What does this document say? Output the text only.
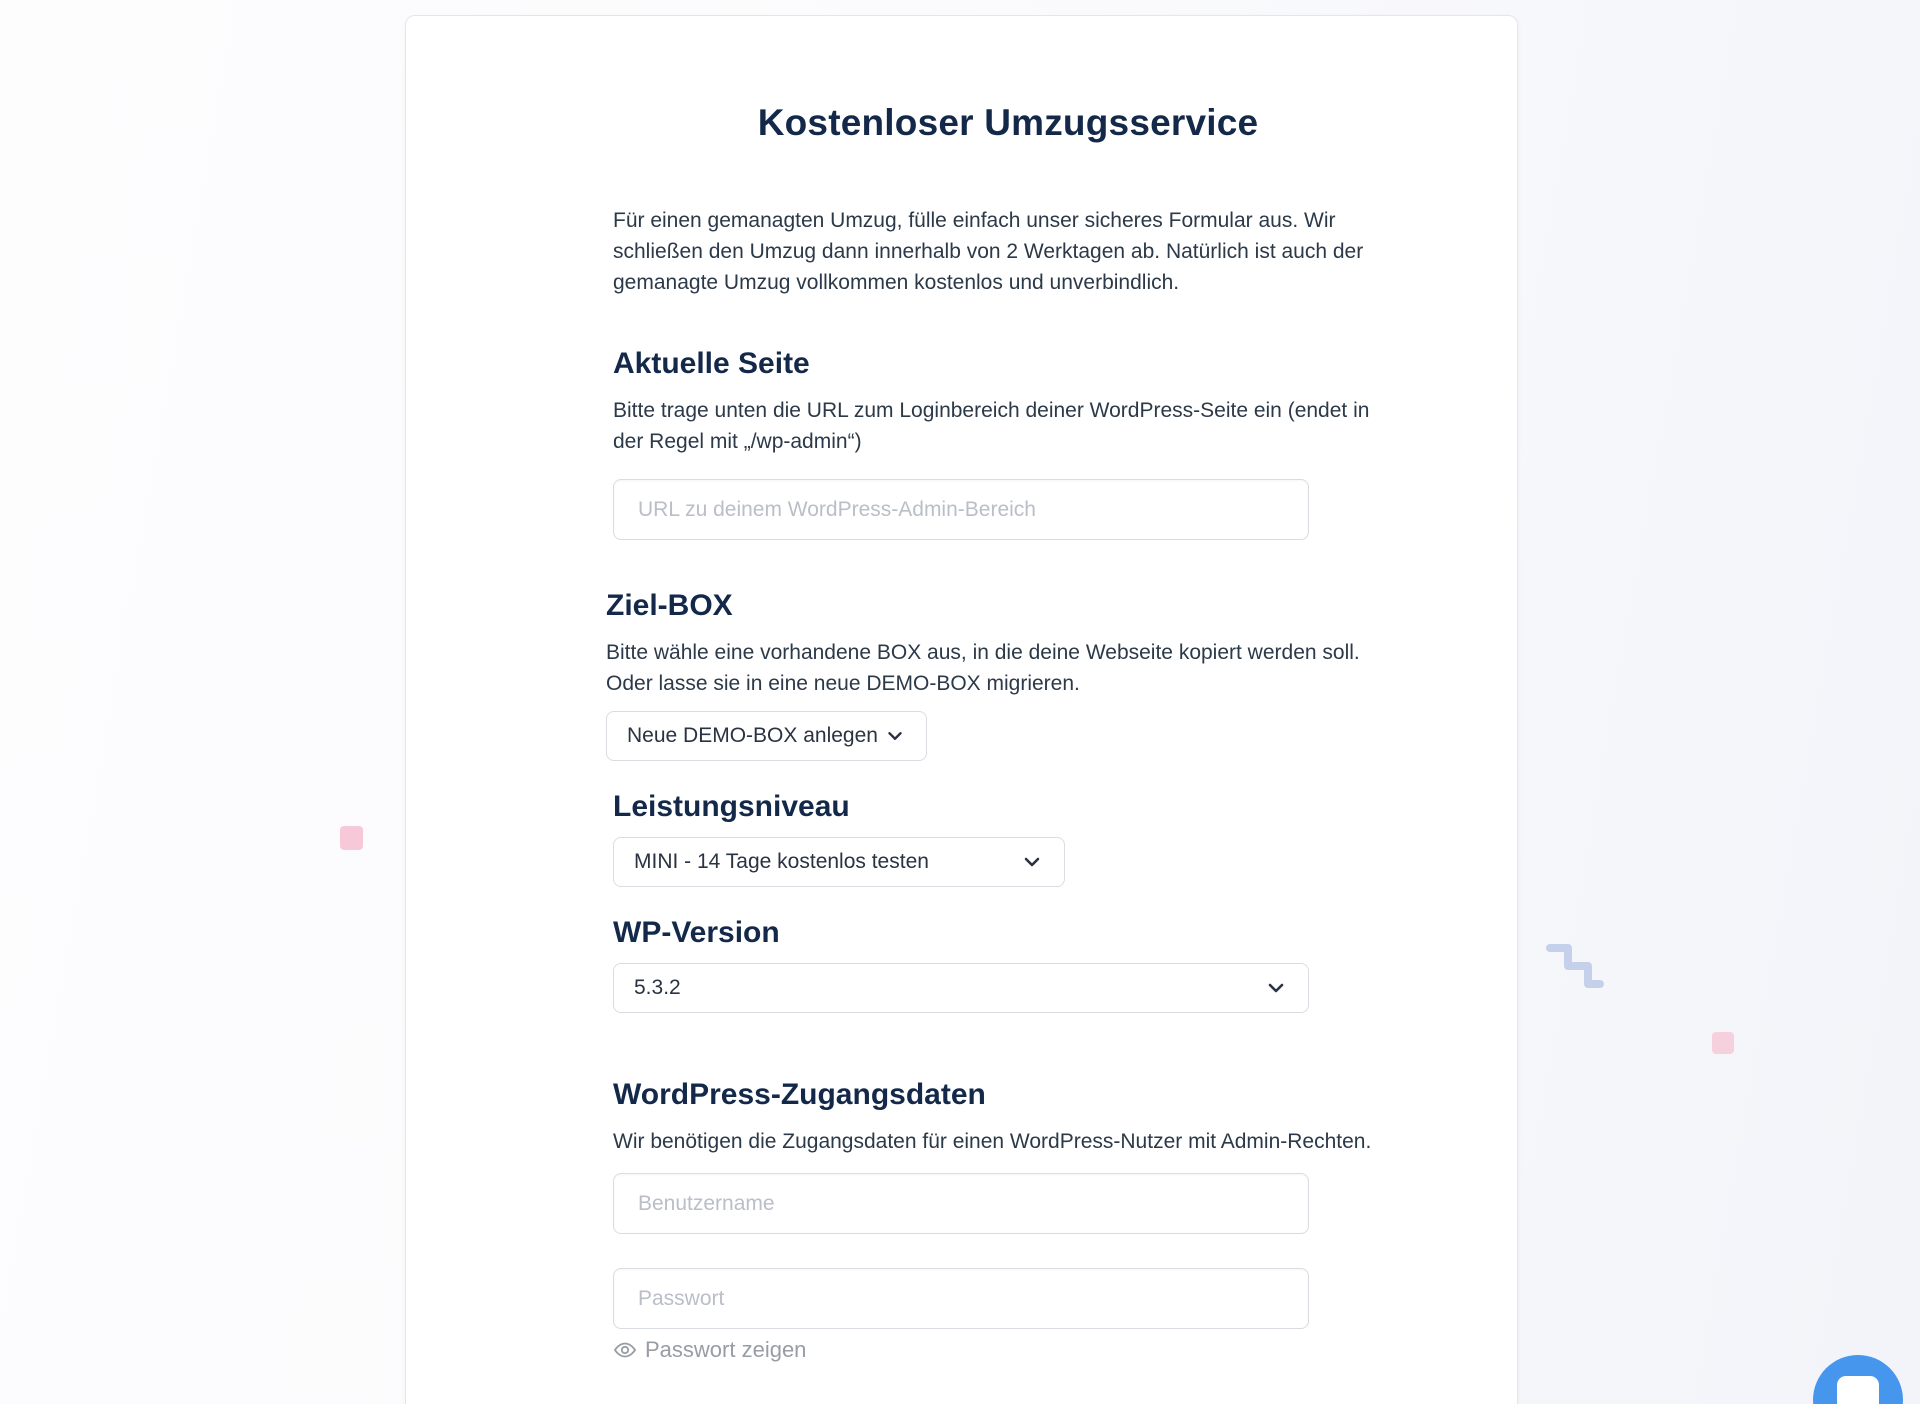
Kostenloser Umzugsservice

Für einen gemanagten Umzug, fülle einfach unser sicheres Formular aus. Wir schließen den Umzug dann innerhalb von 2 Werktagen ab. Natürlich ist auch der gemanagte Umzug vollkommen kostenlos und unverbindlich.

Aktuelle Seite

Bitte trage unten die URL zum Loginbereich deiner WordPress-Seite ein (endet in der Regel mit „/wp-admin“)

URL zu deinem WordPress-Admin-Bereich
Ziel-BOX

Bitte wähle eine vorhandene BOX aus, in die deine Webseite kopiert werden soll. Oder lasse sie in eine neue DEMO-BOX migrieren.

Neue DEMO-BOX anlegen
Leistungsniveau
MINI - 14 Tage kostenlos testen
WP-Version
5.3.2
WordPress-Zugangsdaten

Wir benötigen die Zugangsdaten für einen WordPress-Nutzer mit Admin-Rechten.

Benutzername
Passwort zeigen
